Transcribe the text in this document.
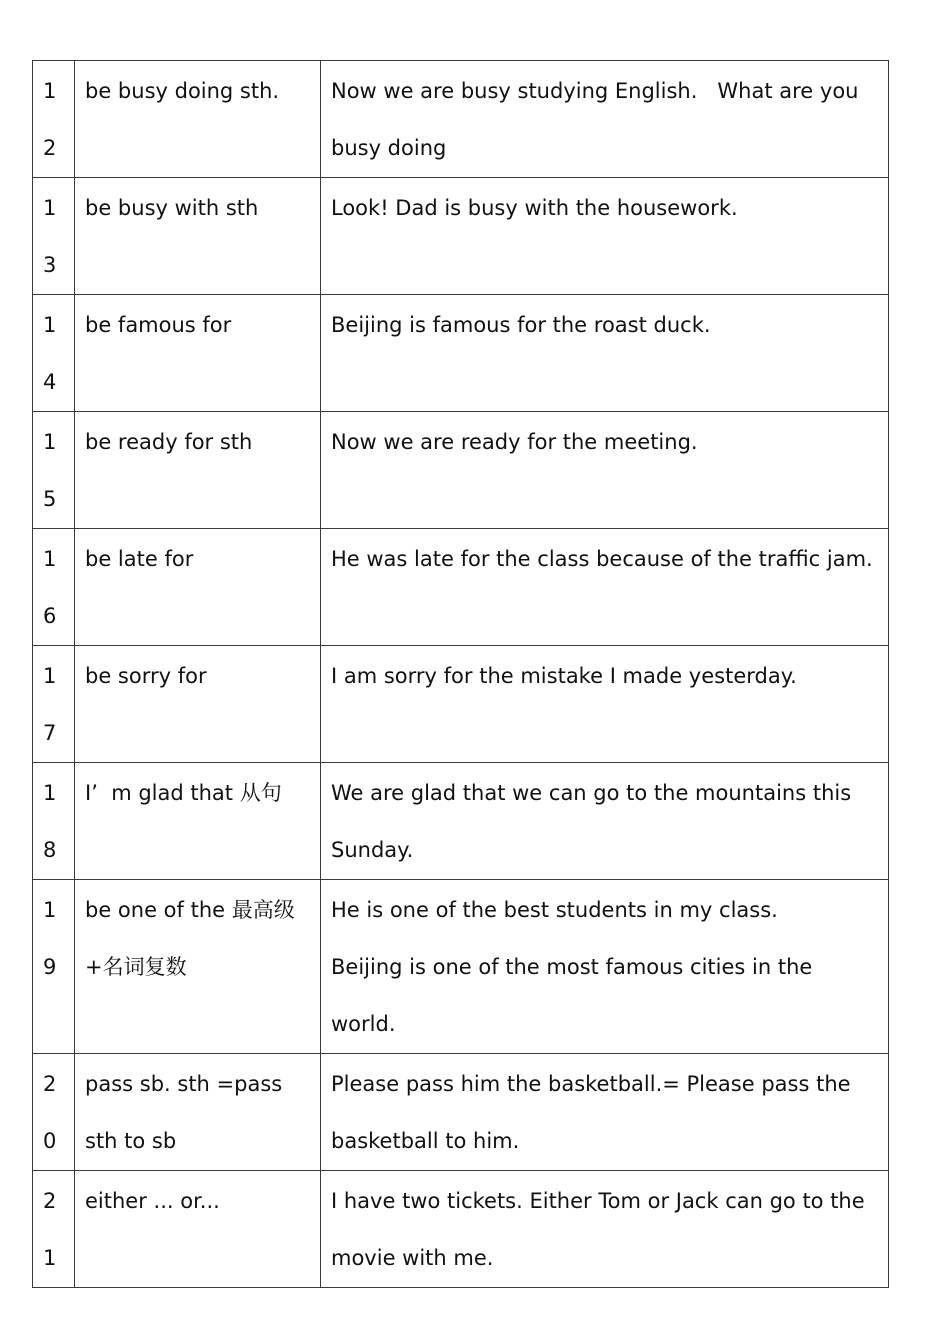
1
2	be busy doing sth.	Now we are busy studying English.   What are you
busy doing

1
3	be busy with sth	Look! Dad is busy with the housework.

1
4	be famous for	Beijing is famous for the roast duck.

1
5	be ready for sth	Now we are ready for the meeting.

1
6	be late for	He was late for the class because of the traffic jam.

1
7	be sorry for	I am sorry for the mistake I made yesterday.

1
8	I’  m glad that 从句	We are glad that we can go to the mountains this
Sunday.

1
9	be one of the 最高级
+名词复数	He is one of the best students in my class.
Beijing is one of the most famous cities in the
world.

2
0	pass sb. sth =pass
sth to sb	Please pass him the basketball.= Please pass the
basketball to him.

2
1	either ... or...	I have two tickets. Either Tom or Jack can go to the
movie with me.
